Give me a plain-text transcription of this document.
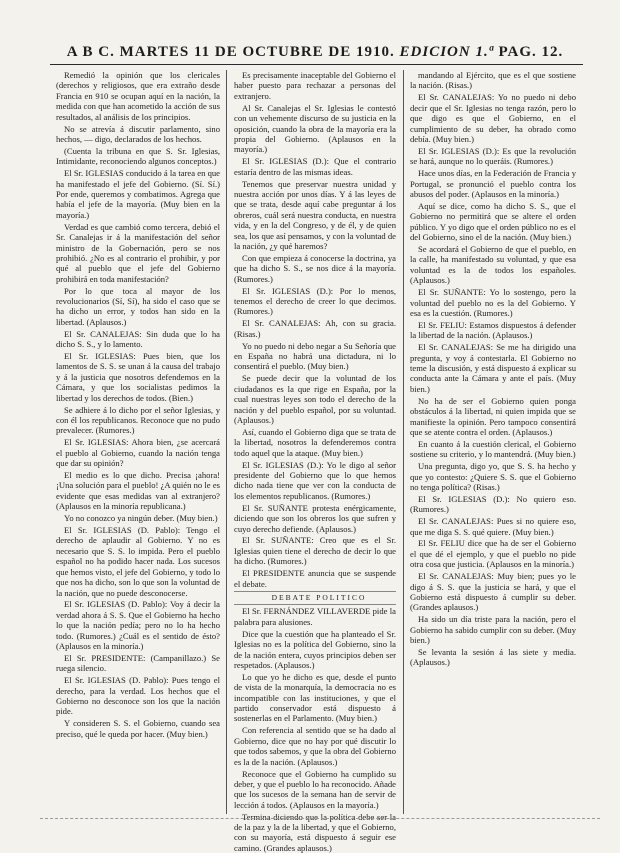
A B C. MARTES 11 DE OCTUBRE DE 1910. EDICION 1.ª PAG. 12.

Remedió la opinión que los clericales (derechos y religiosos, que era extraño desde Francia en 910 se ocupan aquí en la nación, la medida con que han acometido la acción de sus resultados, al análisis de los principios.

No se atrevía á discutir parlamento, sino hechos, — digo, declarados de los hechos.

(Cuenta la tribuna en que S. Sr. Iglesias, Intimidante, reconociendo algunos conceptos.)

El Sr. IGLESIAS conducido á la tarea en que ha manifestado el jefe del Gobierno. (Sí. Sí.) Por ende, queremos y combatimos. Agrega que había el jefe de la mayoría. (Muy bien en la mayoría.)

Verdad es que cambió como tercera, debió el Sr. Canalejas ir á la manifestación del señor ministro de la Gobernación, pero se nos prohibió. ¿No es al contrario el prohibir, y por qué al pueblo que el jefe del Gobierno prohibirá en toda manifestación?

Por lo que toca al mayor de los revolucionarios (Sí, Sí), ha sido el caso que se ha dicho un error, y todos han sido en la libertad. (Aplausos.)

El Sr. CANALEJAS: Sin duda que lo ha dicho S. S., y lo lamento.

El Sr. IGLESIAS: Pues bien, que los lamentos de S. S. se unan á la causa del trabajo y á la justicia que nosotros defendemos en la Cámara, y que los socialistas pedimos la libertad y los derechos de todos. (Bien.)

Se adhiere á lo dicho por el señor Iglesias, y con él los republicanos. Reconoce que no pudo prevalecer. (Rumores.)

El Sr. IGLESIAS: Ahora bien, ¿se acercará el pueblo al Gobierno, cuando la nación tenga que dar su opinión?

El medio es lo que dicho. Precisa ¡ahora! ¡Una solución para el pueblo! ¿A quién no le es evidente que esas medidas van al extranjero? (Aplausos en la minoría republicana.)

Yo no conozco ya ningún deber. (Muy bien.)

El Sr. IGLESIAS (D. Pablo): Tengo el derecho de aplaudir al Gobierno. Y no es necesario que S. S. lo impida. Pero el pueblo español no ha podido hacer nada. Los sucesos que hemos visto, el jefe del Gobierno, y todo lo que nos ha dicho, son lo que son la voluntad de la nación, que no puede desconocerse.

El Sr. IGLESIAS (D. Pablo): Voy á decir la verdad ahora á S. S. Que el Gobierno ha hecho lo que la nación pedía; pero no lo ha hecho todo. (Rumores.) ¿Cuál es el sentido de ésto? (Aplausos en la minoría.)

El Sr. PRESIDENTE: (Campanillazo.) Se ruega silencio.

El Sr. IGLESIAS (D. Pablo): Pues tengo el derecho, para la verdad. Los hechos que el Gobierno no desconoce son los que la nación pide.

Y consideren S. S. el Gobierno, cuando sea preciso, qué le queda por hacer. (Muy bien.)

Es precisamente inaceptable del Gobierno el haber puesto para rechazar a personas del extranjero.

Al Sr. Canalejas el Sr. Iglesias le contestó con un vehemente discurso de su justicia en la oposición, cuando la obra de la mayoría era la propia del Gobierno. (Aplausos en la mayoría.)

El Sr. IGLESIAS (D.): Que el contrario estaría dentro de las mismas ideas.

Tenemos que preservar nuestra unidad y nuestra acción por unos días. Y á las leyes de que se trata, desde aquí cabe preguntar á los obreros, cuál será nuestra conducta, en nuestra vida, y en la del Congreso, y de él, y de quien sea, los que así pensamos, y con la voluntad de la nación, ¿y qué haremos?

Con que empieza á conocerse la doctrina, ya que ha dicho S. S., se nos dice á la mayoría. (Rumores.)

El Sr. IGLESIAS (D.): Por lo menos, tenemos el derecho de creer lo que decimos. (Rumores.)

El Sr. CANALEJAS: Ah, con su gracia. (Risas.)

Yo no puedo ni debo negar a Su Señoría que en España no habrá una dictadura, ni lo consentirá el pueblo. (Muy bien.)

Se puede decir que la voluntad de los ciudadanos es la que rige en España, por la cual nuestras leyes son todo el derecho de la nación y del pueblo español, por su voluntad. (Aplausos.)

Así, cuando el Gobierno diga que se trata de la libertad, nosotros la defenderemos contra todo aquel que la ataque. (Muy bien.)

El Sr. IGLESIAS (D.): Yo le digo al señor presidente del Gobierno que lo que hemos dicho nada tiene que ver con la conducta de los elementos republicanos. (Rumores.)

El Sr. SUÑANTE protesta enérgicamente, diciendo que son los obreros los que sufren y cuyo derecho defiende. (Aplausos.)

El Sr. SUÑANTE: Creo que es el Sr. Iglesias quien tiene el derecho de decir lo que ha dicho. (Rumores.)

El PRESIDENTE anuncia que se suspende el debate.

DEBATE POLITICO

El Sr. FERNÁNDEZ VILLAVERDE pide la palabra para alusiones.

Dice que la cuestión que ha planteado el Sr. Iglesias no es la política del Gobierno, sino la de la nación entera, cuyos principios deben ser respetados. (Aplausos.)

Lo que yo he dicho es que, desde el punto de vista de la monarquía, la democracia no es incompatible con las instituciones, y que el partido conservador está dispuesto á sostenerlas en el Parlamento. (Muy bien.)

Con referencia al sentido que se ha dado al Gobierno, dice que no hay por qué discutir lo que todos sabemos, y que la obra del Gobierno es la de la nación. (Aplausos.)

Reconoce que el Gobierno ha cumplido su deber, y que el pueblo lo ha reconocido. Añade que los sucesos de la semana han de servir de lección á todos. (Aplausos en la mayoría.)

Termina diciendo que la política debe ser la de la paz y la de la libertad, y que el Gobierno, con su mayoría, está dispuesto á seguir ese camino. (Grandes aplausos.)

mandando al Ejército, que es el que sostiene la nación. (Risas.)

El Sr. CANALEJAS: Yo no puedo ni debo decir que el Sr. Iglesias no tenga razón, pero lo que digo es que el Gobierno, en el cumplimiento de su deber, ha obrado como debía. (Muy bien.)

El Sr. IGLESIAS (D.): Es que la revolución se hará, aunque no lo queráis. (Rumores.)

Hace unos días, en la Federación de Francia y Portugal, se pronunció el pueblo contra los abusos del poder. (Aplausos en la minoría.)

Aquí se dice, como ha dicho S. S., que el Gobierno no permitirá que se altere el orden público. Y yo digo que el orden público no es el del Gobierno, sino el de la nación. (Muy bien.)

Se acordará el Gobierno de que el pueblo, en la calle, ha manifestado su voluntad, y que esa voluntad es la de todos los españoles. (Aplausos.)

El Sr. SUÑANTE: Yo lo sostengo, pero la voluntad del pueblo no es la del Gobierno. Y esa es la cuestión. (Rumores.)

El Sr. FELIU: Estamos dispuestos á defender la libertad de la nación. (Aplausos.)

El Sr. CANALEJAS: Se me ha dirigido una pregunta, y voy á contestarla. El Gobierno no teme la discusión, y está dispuesto á explicar su conducta ante la Cámara y ante el país. (Muy bien.)

No ha de ser el Gobierno quien ponga obstáculos á la libertad, ni quien impida que se manifieste la opinión. Pero tampoco consentirá que se atente contra el orden. (Aplausos.)

En cuanto á la cuestión clerical, el Gobierno sostiene su criterio, y lo mantendrá. (Muy bien.)

Una pregunta, digo yo, que S. S. ha hecho y que yo contesto: ¿Quiere S. S. que el Gobierno no tenga política? (Risas.)

El Sr. IGLESIAS (D.): No quiero eso. (Rumores.)

El Sr. CANALEJAS: Pues si no quiere eso, que me diga S. S. qué quiere. (Muy bien.)

El Sr. FELIU dice que ha de ser el Gobierno el que dé el ejemplo, y que el pueblo no pide otra cosa que justicia. (Aplausos en la minoría.)

El Sr. CANALEJAS: Muy bien; pues yo le digo á S. S. que la justicia se hará, y que el Gobierno está dispuesto á cumplir su deber. (Grandes aplausos.)

Ha sido un día triste para la nación, pero el Gobierno ha sabido cumplir con su deber. (Muy bien.)

Se levanta la sesión á las siete y media. (Aplausos.)
